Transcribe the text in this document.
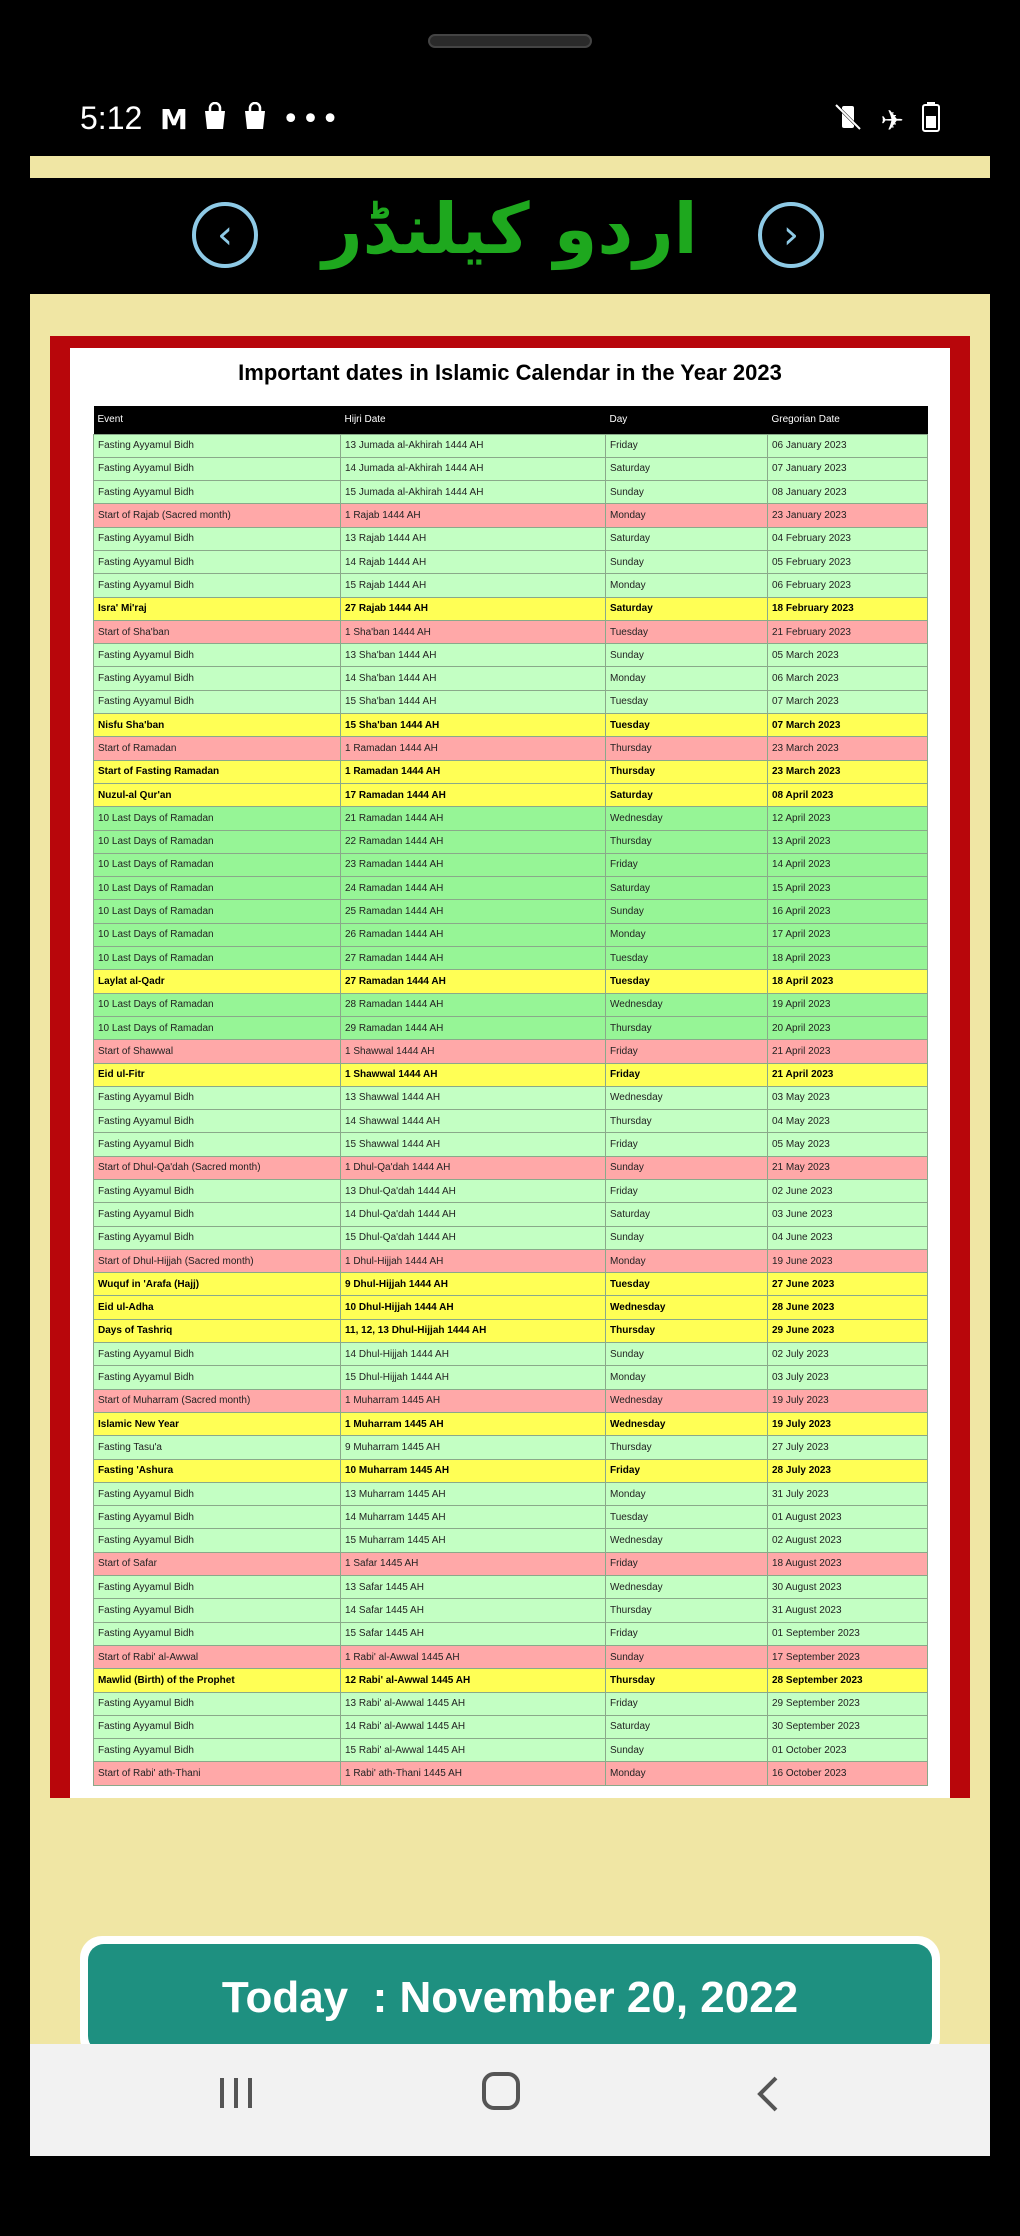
5:12 M	•••	✈
‹	اردو کیلنڈر	›
Important dates in Islamic Calendar in the Year 2023
Event	Hijri Date	Day	Gregorian Date
Fasting Ayyamul Bidh	13 Jumada al-Akhirah 1444 AH	Friday	06 January 2023
Fasting Ayyamul Bidh	14 Jumada al-Akhirah 1444 AH	Saturday	07 January 2023
Fasting Ayyamul Bidh	15 Jumada al-Akhirah 1444 AH	Sunday	08 January 2023
Start of Rajab (Sacred month)	1 Rajab 1444 AH	Monday	23 January 2023
Fasting Ayyamul Bidh	13 Rajab 1444 AH	Saturday	04 February 2023
Fasting Ayyamul Bidh	14 Rajab 1444 AH	Sunday	05 February 2023
Fasting Ayyamul Bidh	15 Rajab 1444 AH	Monday	06 February 2023
Isra' Mi'raj	27 Rajab 1444 AH	Saturday	18 February 2023
Start of Sha'ban	1 Sha'ban 1444 AH	Tuesday	21 February 2023
Fasting Ayyamul Bidh	13 Sha'ban 1444 AH	Sunday	05 March 2023
Fasting Ayyamul Bidh	14 Sha'ban 1444 AH	Monday	06 March 2023
Fasting Ayyamul Bidh	15 Sha'ban 1444 AH	Tuesday	07 March 2023
Nisfu Sha'ban	15 Sha'ban 1444 AH	Tuesday	07 March 2023
Start of Ramadan	1 Ramadan 1444 AH	Thursday	23 March 2023
Start of Fasting Ramadan	1 Ramadan 1444 AH	Thursday	23 March 2023
Nuzul-al Qur'an	17 Ramadan 1444 AH	Saturday	08 April 2023
10 Last Days of Ramadan	21 Ramadan 1444 AH	Wednesday	12 April 2023
10 Last Days of Ramadan	22 Ramadan 1444 AH	Thursday	13 April 2023
10 Last Days of Ramadan	23 Ramadan 1444 AH	Friday	14 April 2023
10 Last Days of Ramadan	24 Ramadan 1444 AH	Saturday	15 April 2023
10 Last Days of Ramadan	25 Ramadan 1444 AH	Sunday	16 April 2023
10 Last Days of Ramadan	26 Ramadan 1444 AH	Monday	17 April 2023
10 Last Days of Ramadan	27 Ramadan 1444 AH	Tuesday	18 April 2023
Laylat al-Qadr	27 Ramadan 1444 AH	Tuesday	18 April 2023
10 Last Days of Ramadan	28 Ramadan 1444 AH	Wednesday	19 April 2023
10 Last Days of Ramadan	29 Ramadan 1444 AH	Thursday	20 April 2023
Start of Shawwal	1 Shawwal 1444 AH	Friday	21 April 2023
Eid ul-Fitr	1 Shawwal 1444 AH	Friday	21 April 2023
Fasting Ayyamul Bidh	13 Shawwal 1444 AH	Wednesday	03 May 2023
Fasting Ayyamul Bidh	14 Shawwal 1444 AH	Thursday	04 May 2023
Fasting Ayyamul Bidh	15 Shawwal 1444 AH	Friday	05 May 2023
Start of Dhul-Qa'dah (Sacred month)	1 Dhul-Qa'dah 1444 AH	Sunday	21 May 2023
Fasting Ayyamul Bidh	13 Dhul-Qa'dah 1444 AH	Friday	02 June 2023
Fasting Ayyamul Bidh	14 Dhul-Qa'dah 1444 AH	Saturday	03 June 2023
Fasting Ayyamul Bidh	15 Dhul-Qa'dah 1444 AH	Sunday	04 June 2023
Start of Dhul-Hijjah (Sacred month)	1 Dhul-Hijjah 1444 AH	Monday	19 June 2023
Wuquf in 'Arafa (Hajj)	9 Dhul-Hijjah 1444 AH	Tuesday	27 June 2023
Eid ul-Adha	10 Dhul-Hijjah 1444 AH	Wednesday	28 June 2023
Days of Tashriq	11, 12, 13 Dhul-Hijjah 1444 AH	Thursday	29 June 2023
Fasting Ayyamul Bidh	14 Dhul-Hijjah 1444 AH	Sunday	02 July 2023
Fasting Ayyamul Bidh	15 Dhul-Hijjah 1444 AH	Monday	03 July 2023
Start of Muharram (Sacred month)	1 Muharram 1445 AH	Wednesday	19 July 2023
Islamic New Year	1 Muharram 1445 AH	Wednesday	19 July 2023
Fasting Tasu'a	9 Muharram 1445 AH	Thursday	27 July 2023
Fasting 'Ashura	10 Muharram 1445 AH	Friday	28 July 2023
Fasting Ayyamul Bidh	13 Muharram 1445 AH	Monday	31 July 2023
Fasting Ayyamul Bidh	14 Muharram 1445 AH	Tuesday	01 August 2023
Fasting Ayyamul Bidh	15 Muharram 1445 AH	Wednesday	02 August 2023
Start of Safar	1 Safar 1445 AH	Friday	18 August 2023
Fasting Ayyamul Bidh	13 Safar 1445 AH	Wednesday	30 August 2023
Fasting Ayyamul Bidh	14 Safar 1445 AH	Thursday	31 August 2023
Fasting Ayyamul Bidh	15 Safar 1445 AH	Friday	01 September 2023
Start of Rabi' al-Awwal	1 Rabi' al-Awwal 1445 AH	Sunday	17 September 2023
Mawlid (Birth) of the Prophet	12 Rabi' al-Awwal 1445 AH	Thursday	28 September 2023
Fasting Ayyamul Bidh	13 Rabi' al-Awwal 1445 AH	Friday	29 September 2023
Fasting Ayyamul Bidh	14 Rabi' al-Awwal 1445 AH	Saturday	30 September 2023
Fasting Ayyamul Bidh	15 Rabi' al-Awwal 1445 AH	Sunday	01 October 2023
Start of Rabi' ath-Thani	1 Rabi' ath-Thani 1445 AH	Monday	16 October 2023
Today  : November 20, 2022
